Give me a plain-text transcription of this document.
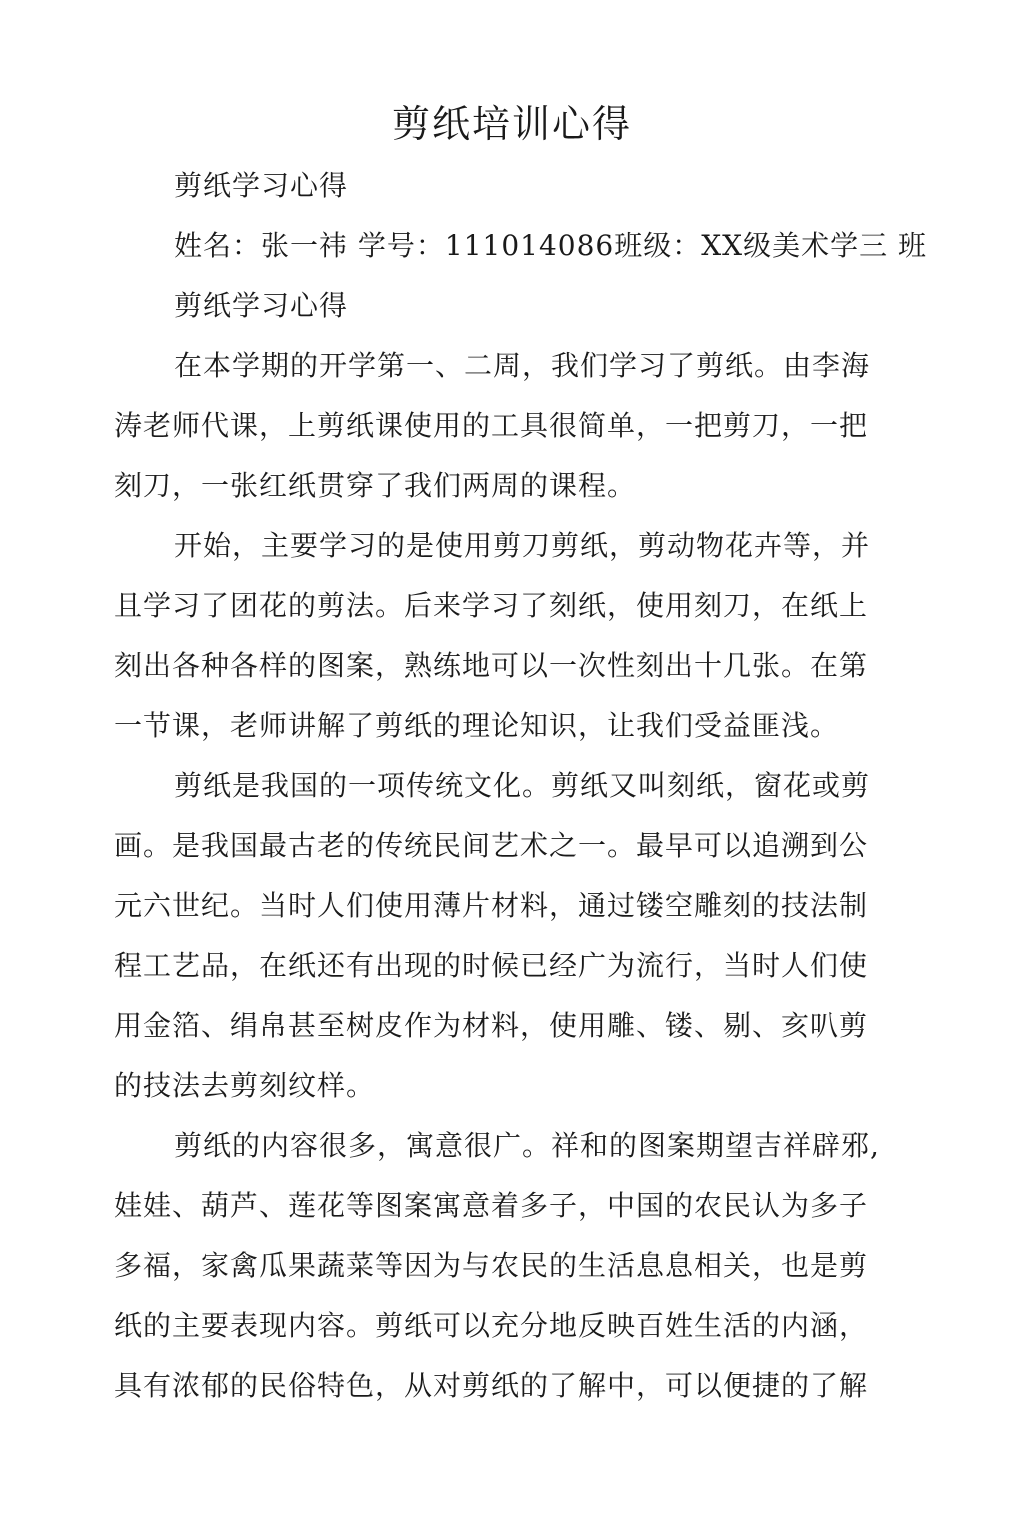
剪纸培训心得
剪纸学习心得
姓名：张一祎 学号：111014086班级：XX级美术学三 班
剪纸学习心得
在本学期的开学第一、二周，我们学习了剪纸。由李海
涛老师代课，上剪纸课使用的工具很简单，一把剪刀，一把
刻刀，一张红纸贯穿了我们两周的课程。
开始，主要学习的是使用剪刀剪纸，剪动物花卉等，并
且学习了团花的剪法。后来学习了刻纸，使用刻刀，在纸上
刻出各种各样的图案，熟练地可以一次性刻出十几张。在第
一节课，老师讲解了剪纸的理论知识，让我们受益匪浅。
剪纸是我国的一项传统文化。剪纸又叫刻纸，窗花或剪
画。是我国最古老的传统民间艺术之一。最早可以追溯到公
元六世纪。当时人们使用薄片材料，通过镂空雕刻的技法制
程工艺品，在纸还有出现的时候已经广为流行，当时人们使
用金箔、绢帛甚至树皮作为材料，使用雕、镂、剔、亥叭剪
的技法去剪刻纹样。
剪纸的内容很多，寓意很广。祥和的图案期望吉祥辟邪,
娃娃、葫芦、莲花等图案寓意着多子，中国的农民认为多子
多福，家禽瓜果蔬菜等因为与农民的生活息息相关，也是剪
纸的主要表现内容。剪纸可以充分地反映百姓生活的内涵，
具有浓郁的民俗特色，从对剪纸的了解中，可以便捷的了解
